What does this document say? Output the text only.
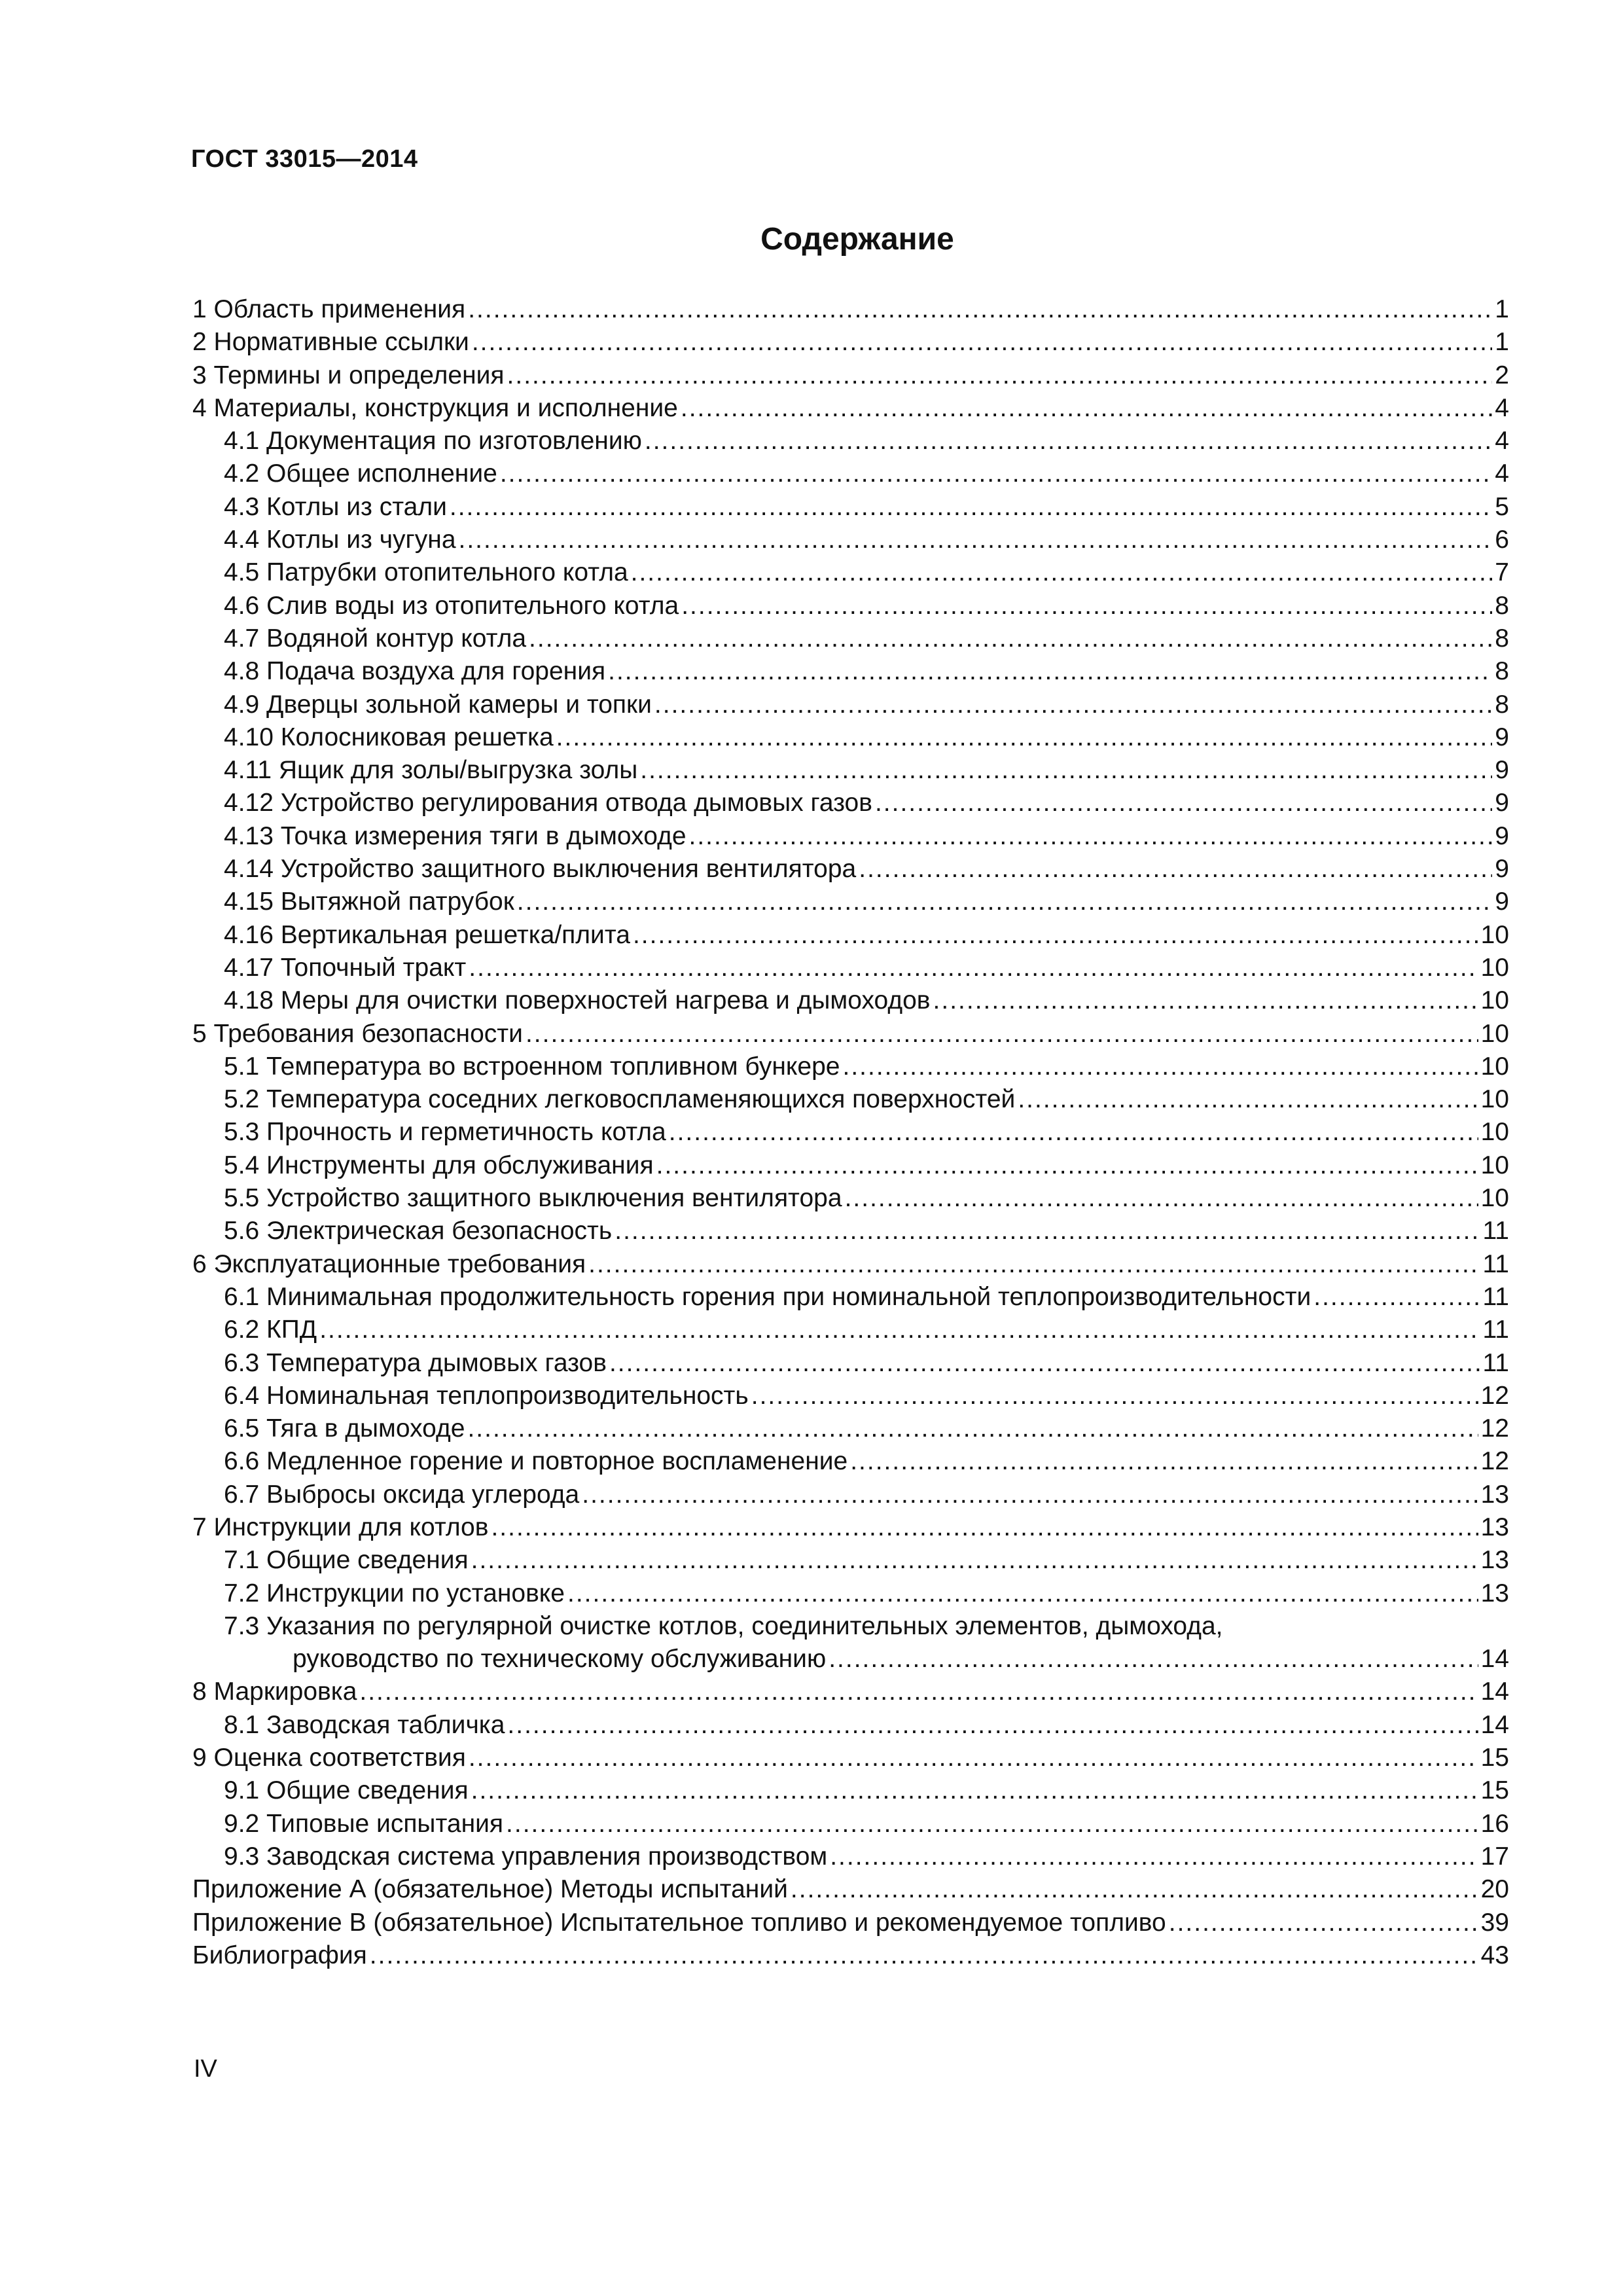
ГОСТ 33015—2014
Содержание
1 Область применения .....	1
2 Нормативные ссылки .....	1
3 Термины и определения .....	2
4 Материалы, конструкция и исполнение .....	4
4.1 Документация по изготовлению .....	4
4.2 Общее исполнение .....	4
4.3 Котлы из стали .....	5
4.4 Котлы из чугуна .....	6
4.5 Патрубки отопительного котла .....	7
4.6 Слив воды из отопительного котла .....	8
4.7 Водяной контур котла .....	8
4.8 Подача воздуха для горения .....	8
4.9 Дверцы зольной камеры и топки .....	8
4.10 Колосниковая решетка .....	9
4.11 Ящик для золы/выгрузка золы .....	9
4.12 Устройство регулирования отвода дымовых газов .....	9
4.13 Точка измерения тяги в дымоходе .....	9
4.14 Устройство защитного выключения вентилятора .....	9
4.15 Вытяжной патрубок .....	9
4.16 Вертикальная решетка/плита .....	10
4.17 Топочный тракт .....	10
4.18 Меры для очистки поверхностей нагрева и дымоходов .....	10
5 Требования безопасности .....	10
5.1 Температура во встроенном топливном бункере .....	10
5.2 Температура соседних легковоспламеняющихся поверхностей .....	10
5.3 Прочность и герметичность котла .....	10
5.4 Инструменты для обслуживания .....	10
5.5 Устройство защитного выключения вентилятора .....	10
5.6 Электрическая безопасность .....	11
6 Эксплуатационные требования .....	11
6.1 Минимальная продолжительность горения при номинальной теплопроизводительности .....	11
6.2 КПД .....	11
6.3 Температура дымовых газов .....	11
6.4 Номинальная теплопроизводительность .....	12
6.5 Тяга в дымоходе .....	12
6.6 Медленное горение и повторное воспламенение .....	12
6.7 Выбросы оксида углерода .....	13
7 Инструкции для котлов .....	13
7.1 Общие сведения .....	13
7.2 Инструкции по установке .....	13
7.3 Указания по регулярной очистке котлов, соединительных элементов, дымохода,
руководство по техническому обслуживанию .....	14
8 Маркировка .....	14
8.1 Заводская табличка .....	14
9 Оценка соответствия .....	15
9.1 Общие сведения .....	15
9.2 Типовые испытания .....	16
9.3 Заводская система управления производством .....	17
Приложение А (обязательное) Методы испытаний .....	20
Приложение В (обязательное) Испытательное топливо и рекомендуемое топливо .....	39
Библиография .....	43
IV
